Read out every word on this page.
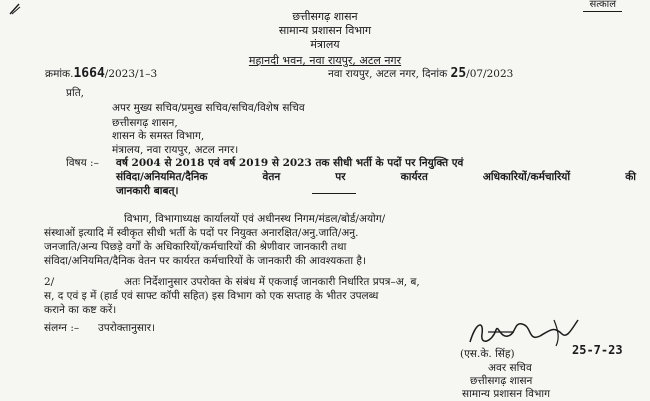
सत्काल
छत्तीसगढ़ शासन
सामान्य प्रशासन विभाग
मंत्रालय
महानदी भवन, नवा रायपुर, अटल नगर
क्रमांक.1664/2023/1–3	नवा रायपुर, अटल नगर, दिनांक 25/07/2023
प्रति,
अपर मुख्य सचिव/प्रमुख सचिव/सचिव/विशेष सचिव
छत्तीसगढ़ शासन,
शासन के समस्त विभाग,
मंत्रालय, नवा रायपुर, अटल नगर।
विषय :– वर्ष 2004 से 2018 एवं वर्ष 2019 से 2023 तक सीधी भर्ती के पदों पर नियुक्ति एवं
संविदा/अनियमित/दैनिक	वेतन	पर	कार्यरत	अधिकारियों/कर्मचारियों	की
जानकारी बाबत्।
विभाग, विभागाध्यक्ष कार्यालयों एवं अधीनस्थ निगम/मंडल/बोर्ड/अयोग/
संस्थाओं इत्यादि में स्वीकृत सीधी भर्ती के पदों पर नियुक्त अनारक्षित/अनु.जाति/अनु.
जनजाति/अन्य पिछड़े वर्गों के अधिकारियों/कर्मचारियों की श्रेणीवार जानकारी तथा
संविदा/अनियमित/दैनिक वेतन पर कार्यरत कर्मचारियों के जानकारी की आवश्यकता है।
2/	अतः निर्देशानुसार उपरोक्त के संबंध में एकजाई जानकारी निर्धारित प्रपत्र–अ, ब,
स, द एवं इ में (हार्ड एवं साफ्ट कॉपी सहित) इस विभाग को एक सप्ताह के भीतर उपलब्ध
कराने का कष्ट करें।
संलग्न :– उपरोक्तानुसार।
25-7-23
(एस.के. सिंह)
अवर सचिव
छत्तीसगढ़ शासन
सामान्य प्रशासन विभाग
